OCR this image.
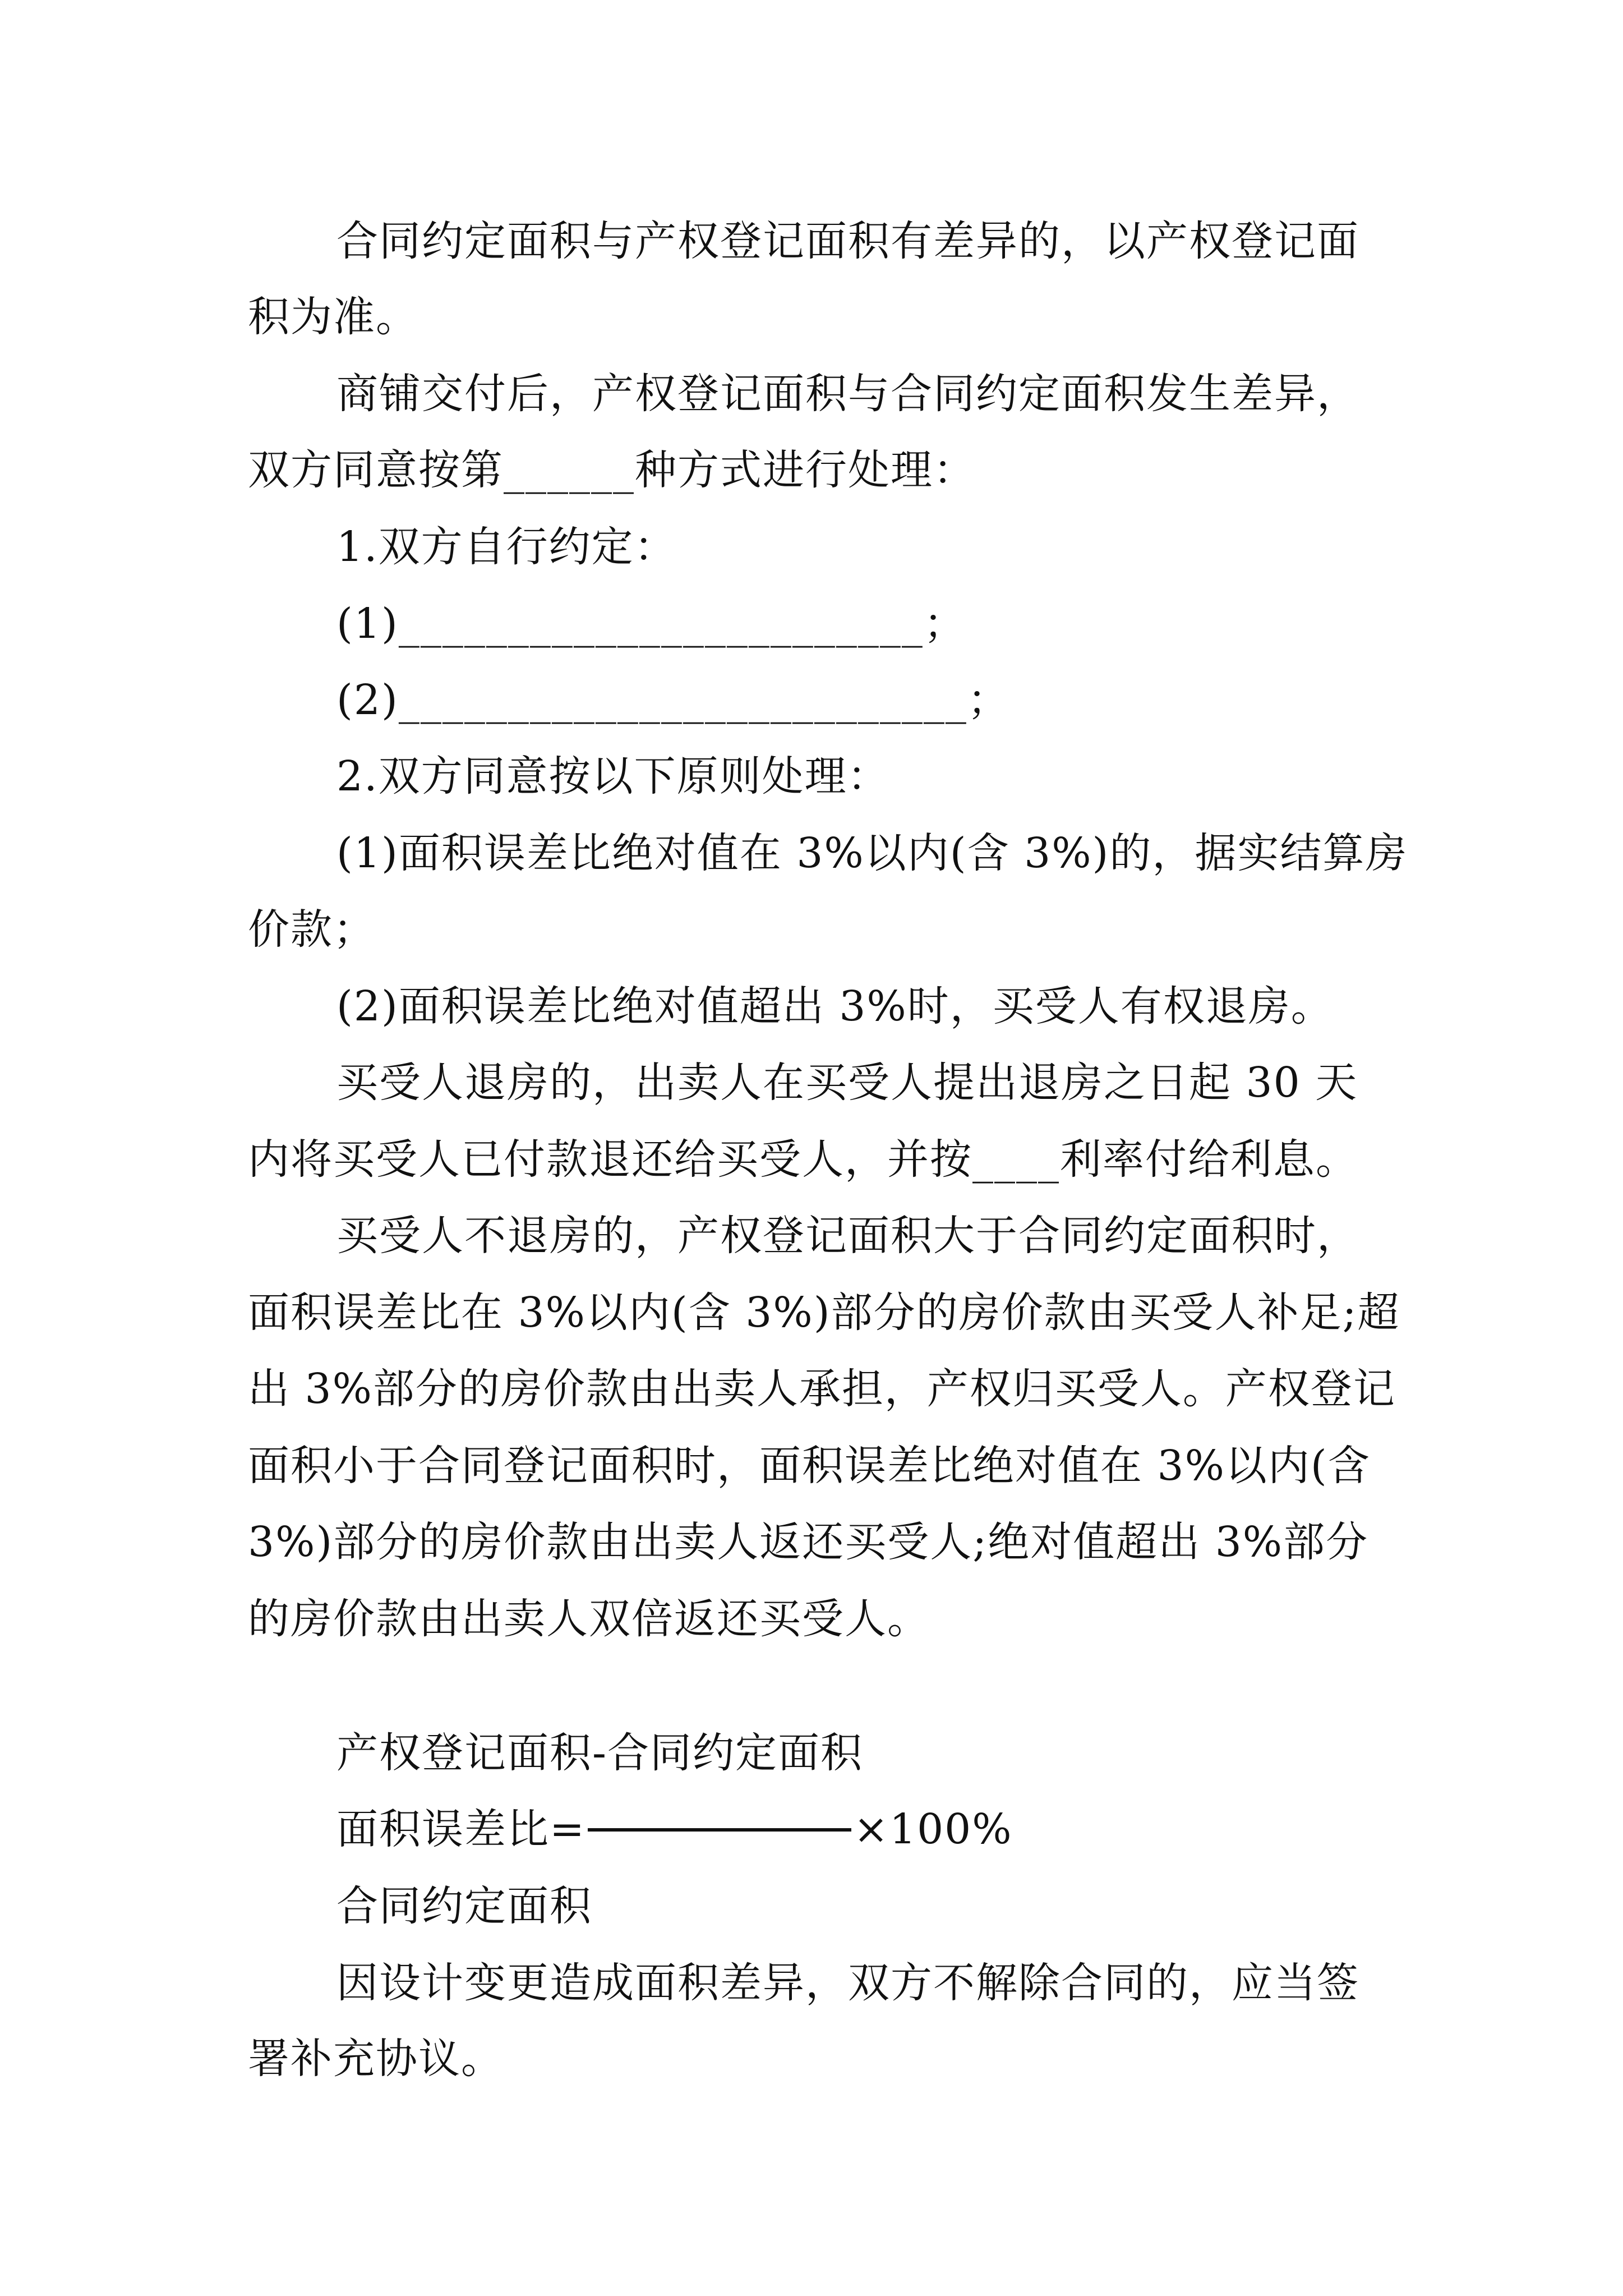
合同约定面积与产权登记面积有差异的，以产权登记面
积为准。
商铺交付后，产权登记面积与合同约定面积发生差异，
双方同意按第______种方式进行处理：
1.双方自行约定：
(1)________________________；
(2)__________________________；
2.双方同意按以下原则处理：
(1)面积误差比绝对值在 3%以内(含 3%)的，据实结算房
价款；
(2)面积误差比绝对值超出 3%时，买受人有权退房。
买受人退房的，出卖人在买受人提出退房之日起 30 天
内将买受人已付款退还给买受人，并按____利率付给利息。
买受人不退房的，产权登记面积大于合同约定面积时，
面积误差比在 3%以内(含 3%)部分的房价款由买受人补足;超
出 3%部分的房价款由出卖人承担，产权归买受人。产权登记
面积小于合同登记面积时，面积误差比绝对值在 3%以内(含
3%)部分的房价款由出卖人返还买受人;绝对值超出 3%部分
的房价款由出卖人双倍返还买受人。
产权登记面积-合同约定面积
面积误差比=	×100%
合同约定面积
因设计变更造成面积差异，双方不解除合同的，应当签
署补充协议。
